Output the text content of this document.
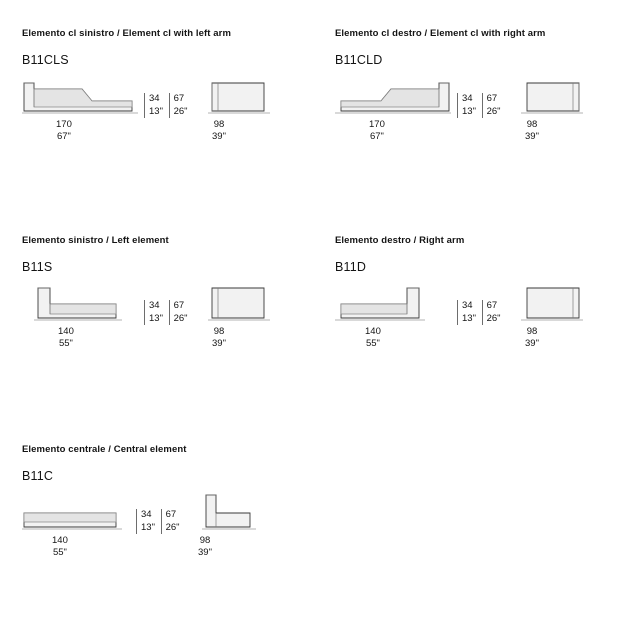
Elemento cl sinistro / Element cl with left arm
B11CLS
34
13"

67
26"
170
67"
98
39"
Elemento cl destro / Element cl with right arm
B11CLD
34
13"

67
26"
170
67"
98
39"
Elemento sinistro / Left element
B11S
34
13"

67
26"
140
55"
98
39"
Elemento destro / Right arm
B11D
34
13"

67
26"
140
55"
98
39"
Elemento centrale / Central element
B11C
34
13"

67
26"
140
55"
98
39"
